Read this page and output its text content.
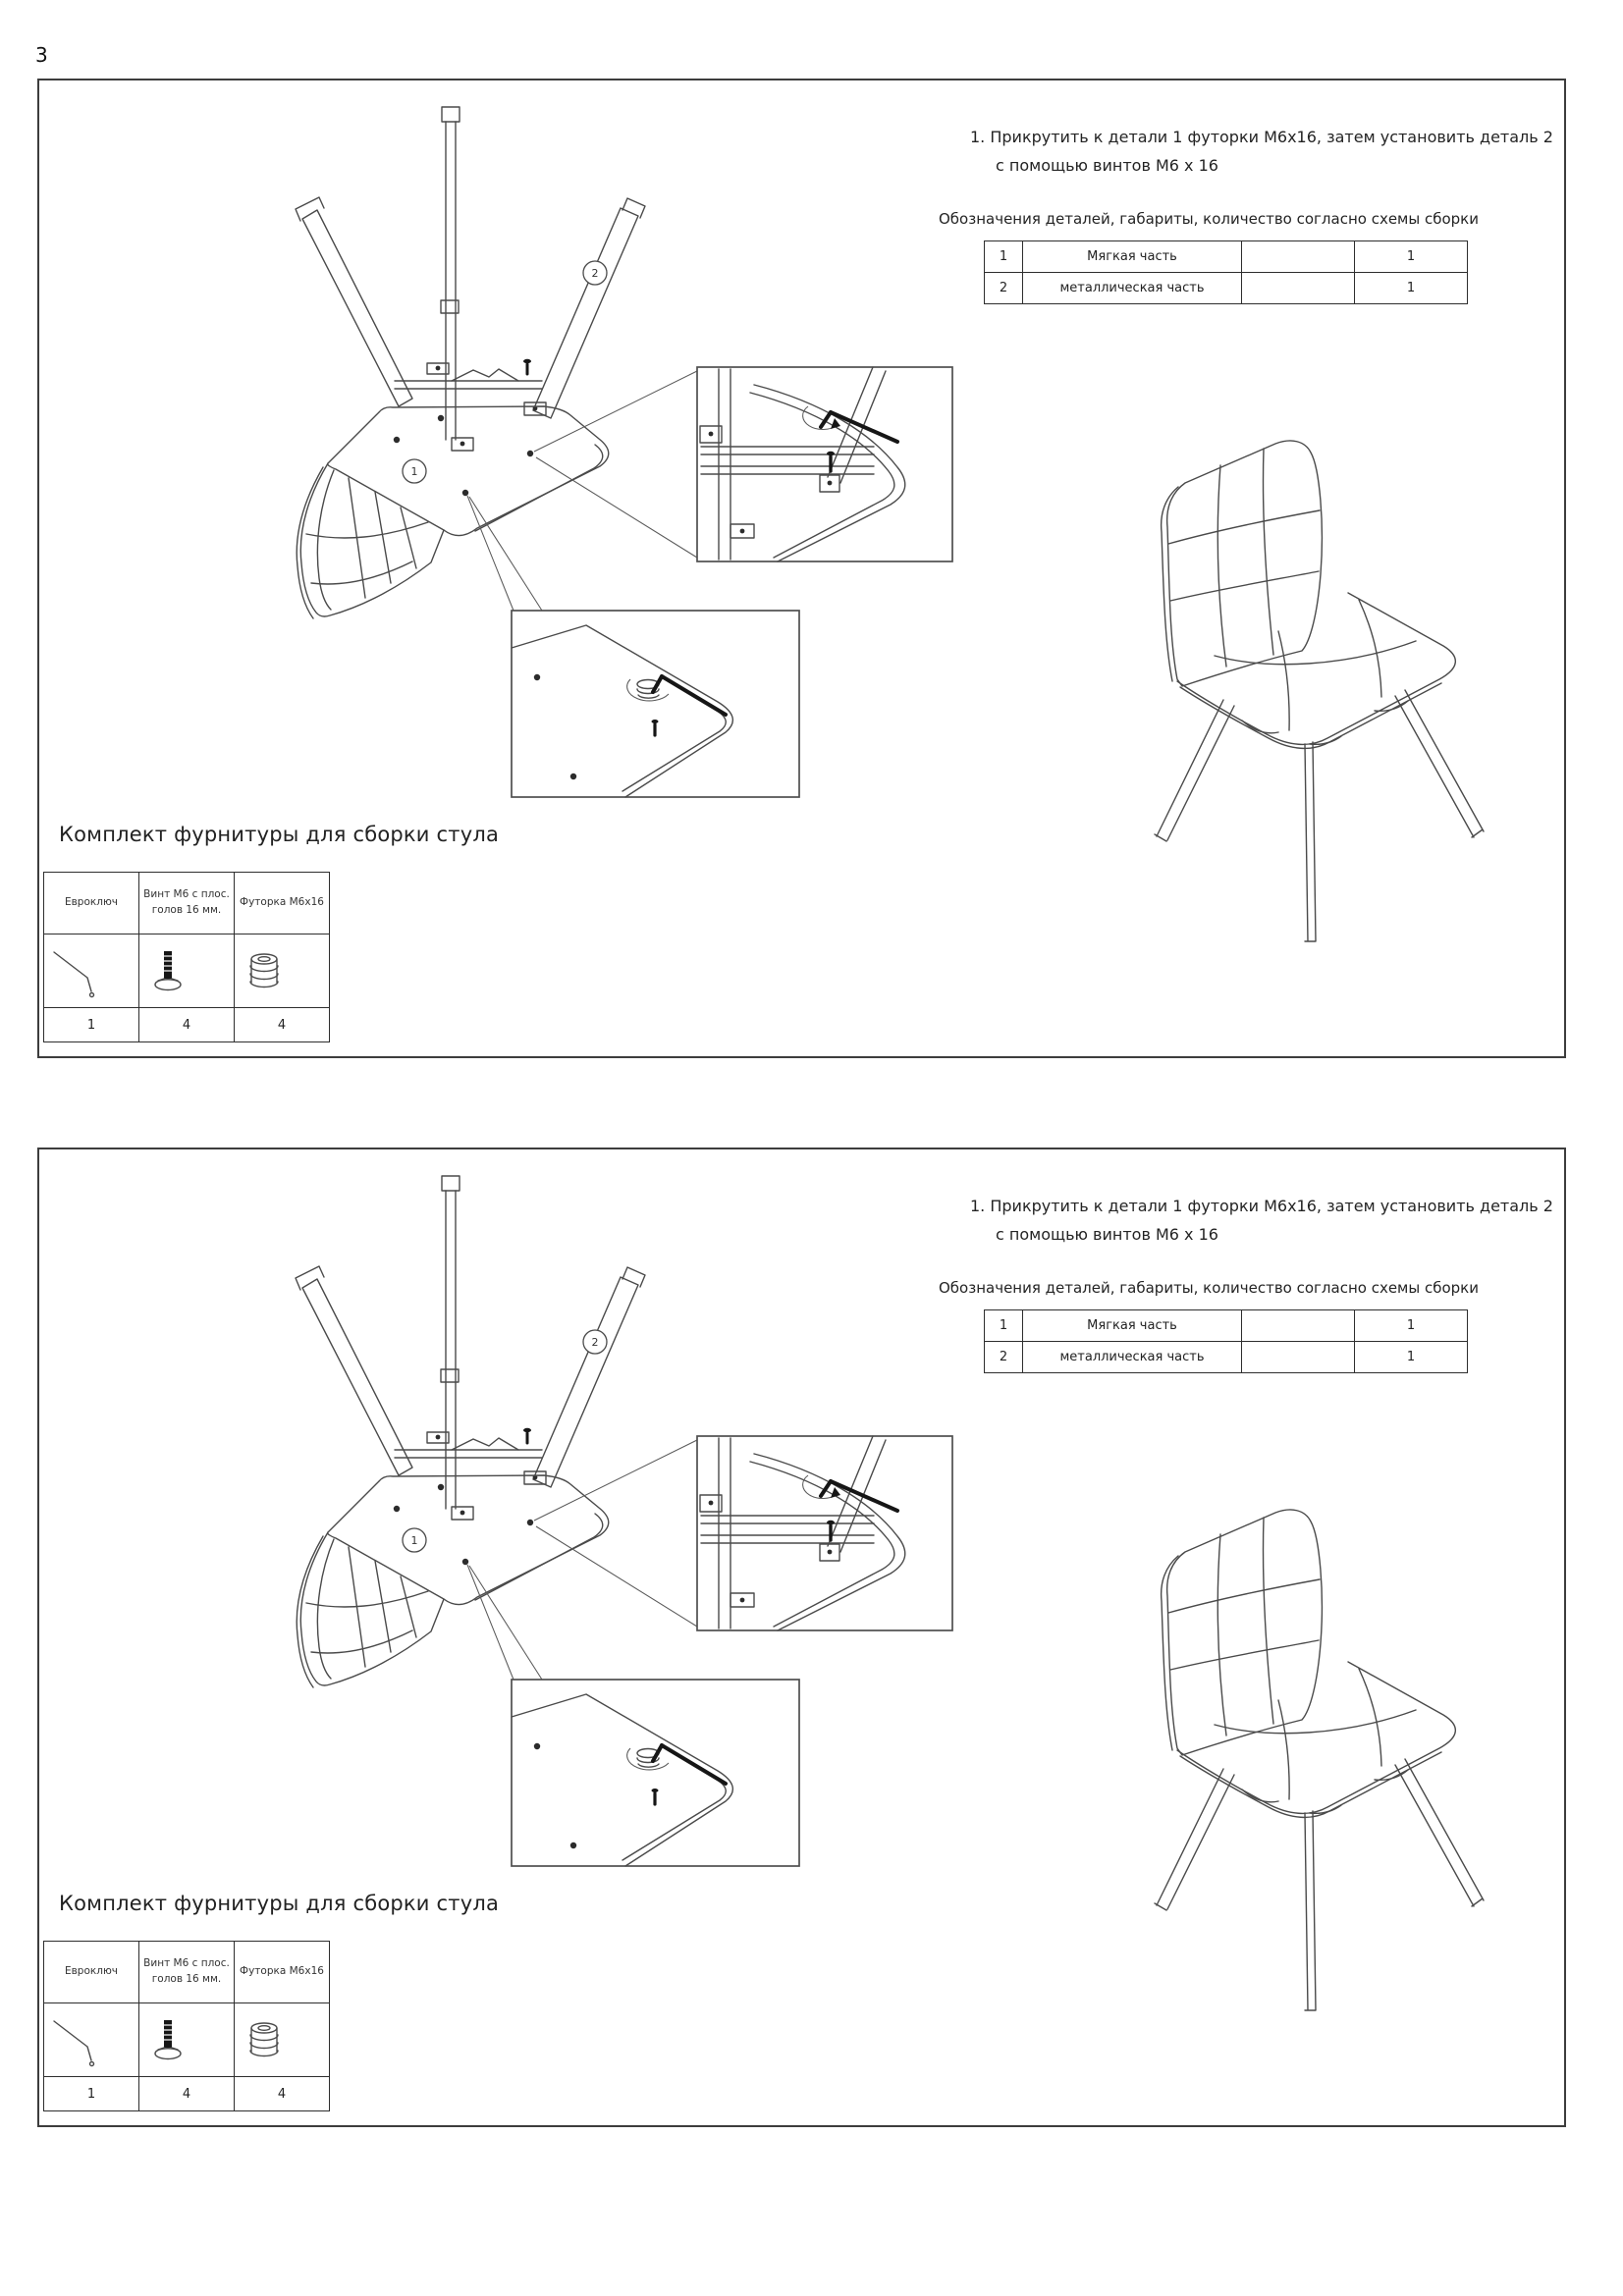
3
1. Прикрутить к детали 1 футорки М6х16, затем установить деталь 2
с помощью винтов М6 х 16
Обозначения деталей, габариты, количество согласно схемы сборки
1	Мягкая часть		1
2	металлическая часть		1
Комплект фурнитуры для сборки стула
Евроключ	Винт М6 с плос. голов 16 мм.	Футорка М6х16

1	4	4
1. Прикрутить к детали 1 футорки М6х16, затем установить деталь 2
с помощью винтов М6 х 16
Обозначения деталей, габариты, количество согласно схемы сборки
1	Мягкая часть		1
2	металлическая часть		1
Комплект фурнитуры для сборки стула
Евроключ	Винт М6 с плос. голов 16 мм.	Футорка М6х16

1	4	4
